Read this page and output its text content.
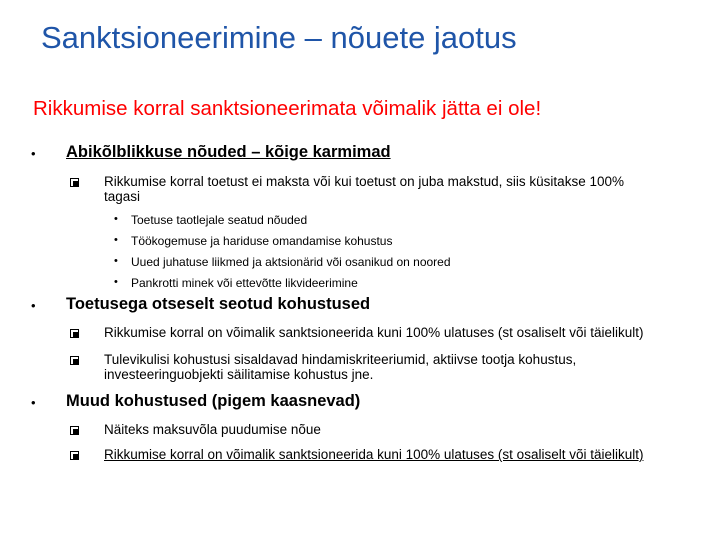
Sanktsioneerimine – nõuete jaotus
Rikkumise korral sanktsioneerimata võimalik jätta ei ole!
• Abikõlblikkuse nõuded – kõige karmimad
Rikkumise korral toetust ei maksta või kui toetust on juba makstud, siis küsitakse 100%
tagasi
• Toetuse taotlejale seatud nõuded
• Töökogemuse ja hariduse omandamise kohustus
• Uued juhatuse liikmed ja aktsionärid või osanikud on noored
• Pankrotti minek või ettevõtte likvideerimine
• Toetusega otseselt seotud kohustused
Rikkumise korral on võimalik sanktsioneerida kuni 100% ulatuses (st osaliselt või täielikult)
Tulevikulisi kohustusi sisaldavad hindamiskriteeriumid, aktiivse tootja kohustus,
investeeringuobjekti säilitamise kohustus jne.
• Muud kohustused (pigem kaasnevad)
Näiteks maksuvõla puudumise nõue
Rikkumise korral on võimalik sanktsioneerida kuni 100% ulatuses (st osaliselt või täielikult)
